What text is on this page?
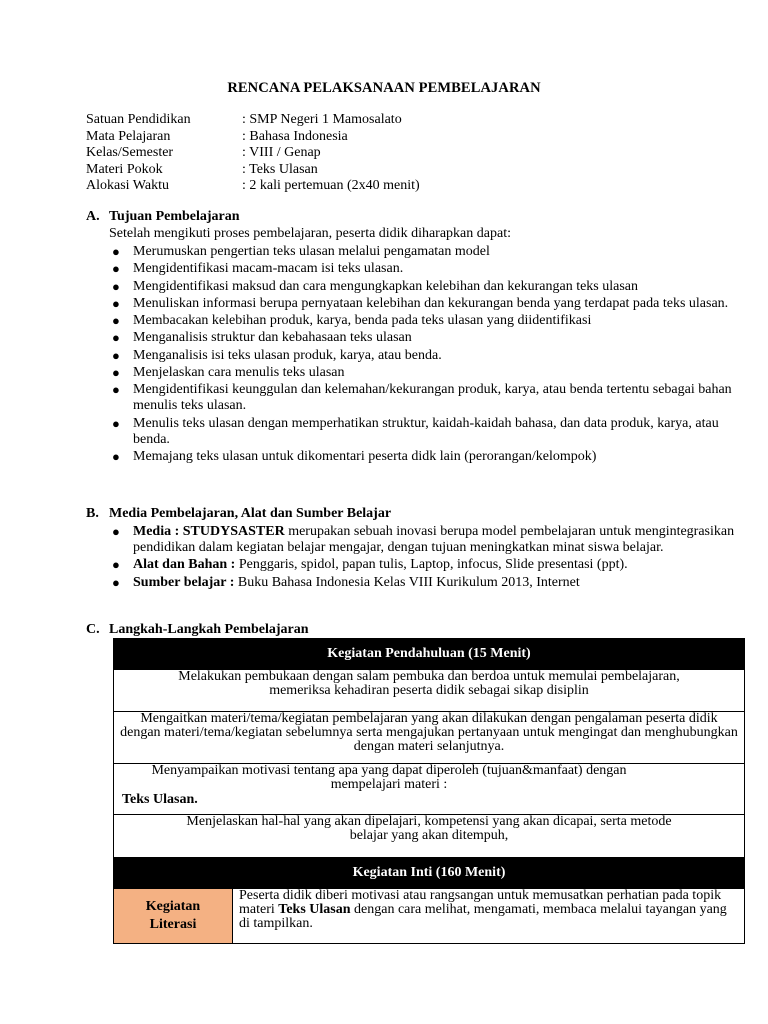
RENCANA PELAKSANAAN PEMBELAJARAN
Satuan Pendidikan	: SMP Negeri 1 Mamosalato
Mata Pelajaran	: Bahasa Indonesia
Kelas/Semester	: VIII / Genap
Materi Pokok	: Teks Ulasan
Alokasi Waktu	: 2 kali pertemuan (2x40 menit)
A. Tujuan Pembelajaran
Setelah mengikuti proses pembelajaran, peserta didik diharapkan dapat:
● Merumuskan pengertian teks ulasan melalui pengamatan model
● Mengidentifikasi macam-macam isi teks ulasan.
● Mengidentifikasi maksud dan cara mengungkapkan kelebihan dan kekurangan teks ulasan
● Menuliskan informasi berupa pernyataan kelebihan dan kekurangan benda yang terdapat pada teks ulasan.
● Membacakan kelebihan produk, karya, benda pada teks ulasan yang diidentifikasi
● Menganalisis struktur dan kebahasaan teks ulasan
● Menganalisis isi teks ulasan produk, karya, atau benda.
● Menjelaskan cara menulis teks ulasan
● Mengidentifikasi keunggulan dan kelemahan/kekurangan produk, karya, atau benda tertentu sebagai bahan menulis teks ulasan.
● Menulis teks ulasan dengan memperhatikan struktur, kaidah-kaidah bahasa, dan data produk, karya, atau benda.
● Memajang teks ulasan untuk dikomentari peserta didk lain (perorangan/kelompok)
B. Media Pembelajaran, Alat dan Sumber Belajar
● Media : STUDYSASTER merupakan sebuah inovasi berupa model pembelajaran untuk mengintegrasikan pendidikan dalam kegiatan belajar mengajar, dengan tujuan meningkatkan minat siswa belajar.
● Alat dan Bahan : Penggaris, spidol, papan tulis, Laptop, infocus, Slide presentasi (ppt).
● Sumber belajar : Buku Bahasa Indonesia Kelas VIII Kurikulum 2013, Internet
C. Langkah-Langkah Pembelajaran
Kegiatan Pendahuluan (15 Menit)

Melakukan pembukaan dengan salam pembuka dan berdoa untuk memulai pembelajaran, memeriksa kehadiran peserta didik sebagai sikap disiplin

Mengaitkan materi/tema/kegiatan pembelajaran yang akan dilakukan dengan pengalaman peserta didik dengan materi/tema/kegiatan sebelumnya serta mengajukan pertanyaan untuk mengingat dan menghubungkan dengan materi selanjutnya.

Menyampaikan motivasi tentang apa yang dapat diperoleh (tujuan&manfaat) dengan mempelajari materi :
Teks Ulasan.

Menjelaskan hal-hal yang akan dipelajari, kompetensi yang akan dicapai, serta metode belajar yang akan ditempuh,

Kegiatan Inti (160 Menit)

Kegiatan
Literasi
	Peserta didik diberi motivasi atau rangsangan untuk memusatkan perhatian pada topik materi Teks Ulasan dengan cara melihat, mengamati, membaca melalui tayangan yang di tampilkan.
